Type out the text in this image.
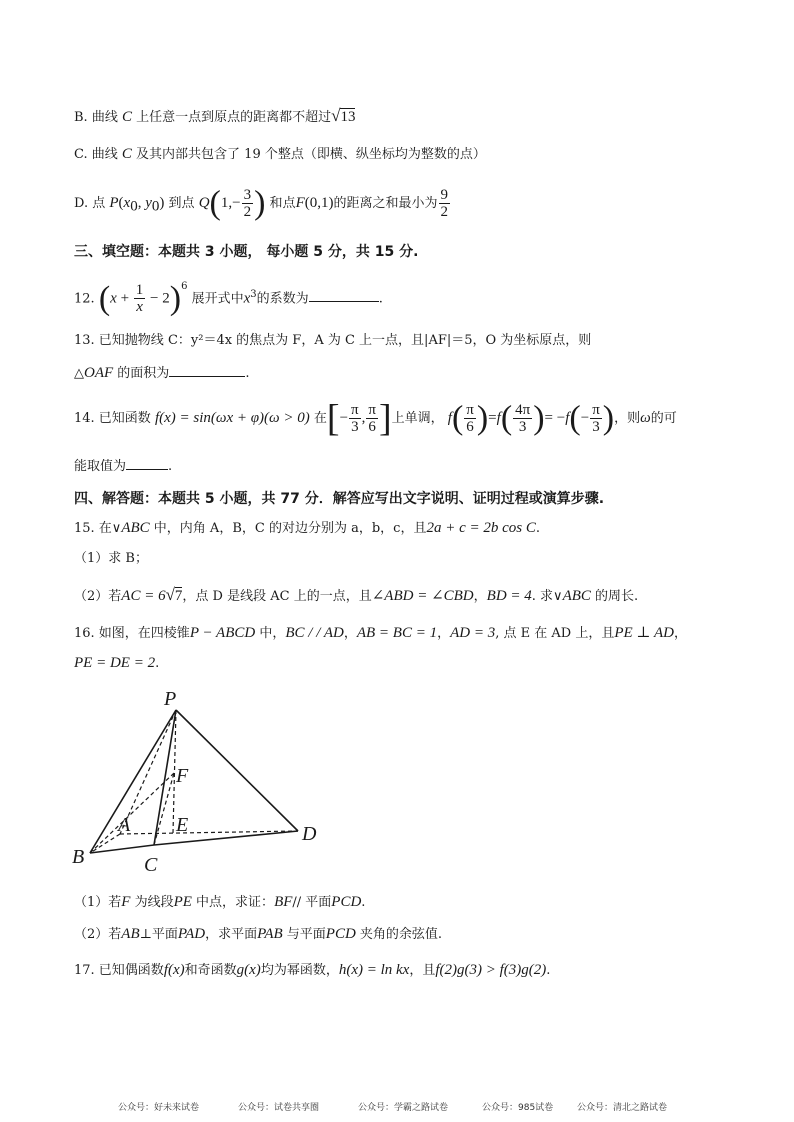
B. 曲线 C 上任意一点到原点的距离都不超过√13
C. 曲线 C 及其内部共包含了 19 个整点（即横、纵坐标均为整数的点）
D. 点 $P(x_0$, $y_0$) 到点 $Q(1,- \frac{3}{2}$ ) 和点F(0,1)的距离之和最小为 $\frac{9}{2}$
三、填空题：本题共 3 小题， 每小题 5 分，共 15 分.
12. $(x + \frac{1}{x} - 2)^6$ 展开式中$x^3$的系数为	.
13. 已知抛物线 C：y²＝4x 的焦点为 F，A 为 C 上一点，且|AF|＝5，O 为坐标原点，则
△OAF 的面积为	.
14. 已知函数 f(x) = sin(ωx + φ)(ω > 0) 在[− $\frac{\pi}{3}$ , $\frac{\pi}{6}$ ]上单调， $f( \frac{\pi}{6} )=f( \frac{4\pi}{3}$ )= $-f(- \frac{\pi}{3}$ )，则ω的可
能取值为	.
四、解答题：本题共 5 小题，共 77 分．解答应写出文字说明、证明过程或演算步骤.
15. 在∨ABC 中，内角 A，B，C 的对边分别为 a，b，c，且2a + c = 2b cos C.
（1）求 B；
（2）若AC = 6√7，点 D 是线段 AC 上的一点，且∠ABD = ∠CBD，BD = 4. 求∨ABC 的周长.
16. 如图，在四棱锥P − ABCD 中，BC / / AD，AB = BC = 1，AD = 3, 点 E 在 AD 上，且PE ⊥ AD，
PE = DE = 2.
P
F
A E	D
B	C
（1）若F 为线段PE 中点，求证：BF// 平面PCD.
（2）若AB⊥平面PAD，求平面PAB 与平面PCD 夹角的余弦值.
17. 已知偶函数f(x)和奇函数g(x)均为幂函数，h(x) = ln kx，且f(2)g(3) > f(3)g(2).
公众号：好未来试卷	公众号：试卷共享圈	公众号：学霸之路试卷	公众号：985试卷	公众号：清北之路试卷
